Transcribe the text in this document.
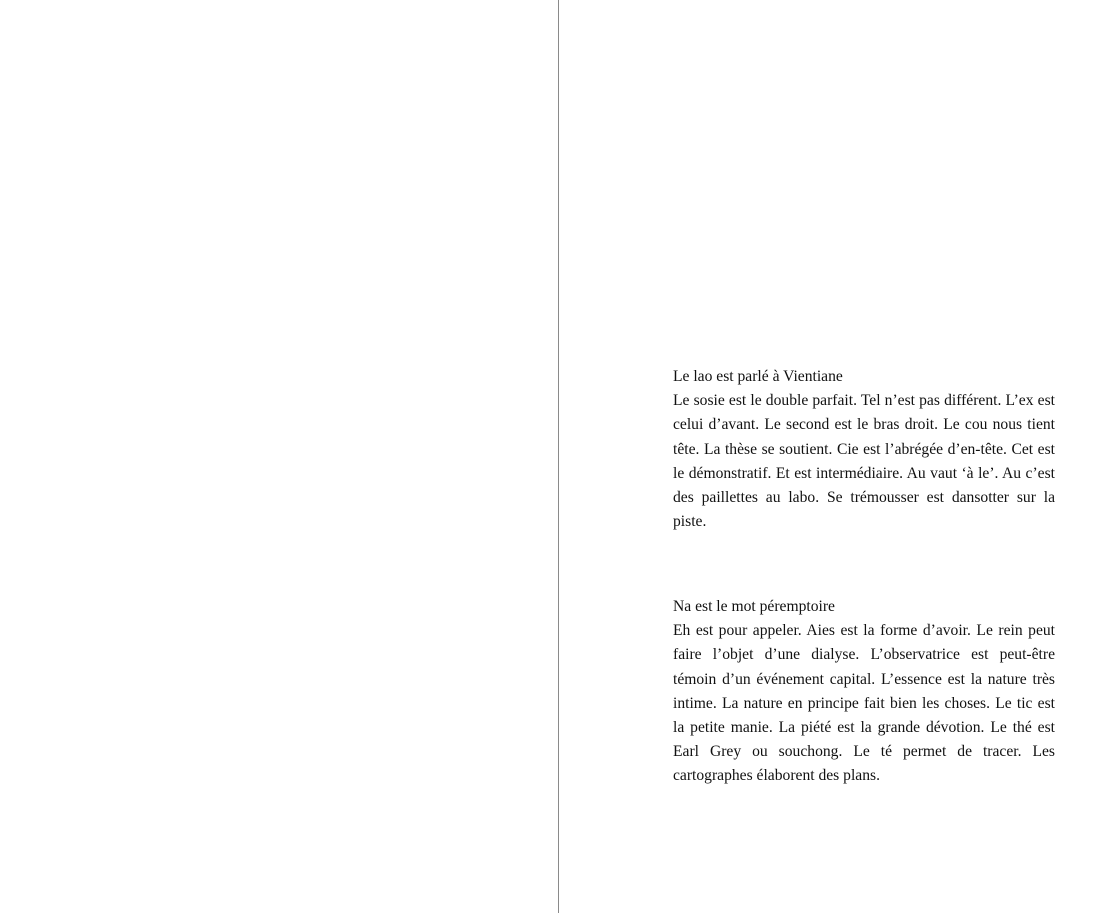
Le lao est parlé à Vientiane

Le sosie est le double parfait. Tel n’est pas différent. L’ex est celui d’avant. Le second est le bras droit. Le cou nous tient tête. La thèse se soutient. Cie est l’abrégée d’en-tête. Cet est le démonstratif. Et est intermédiaire. Au vaut ‘à le’. Au c’est des paillettes au labo. Se trémousser est dansotter sur la piste.

Na est le mot péremptoire

Eh est pour appeler. Aies est la forme d’avoir. Le rein peut faire l’objet d’une dialyse. L’observatrice est peut-être témoin d’un événement capital. L’essence est la nature très intime. La nature en principe fait bien les choses. Le tic est la petite manie. La piété est la grande dévotion. Le thé est Earl Grey ou souchong. Le té permet de tracer. Les cartographes élaborent des plans.
